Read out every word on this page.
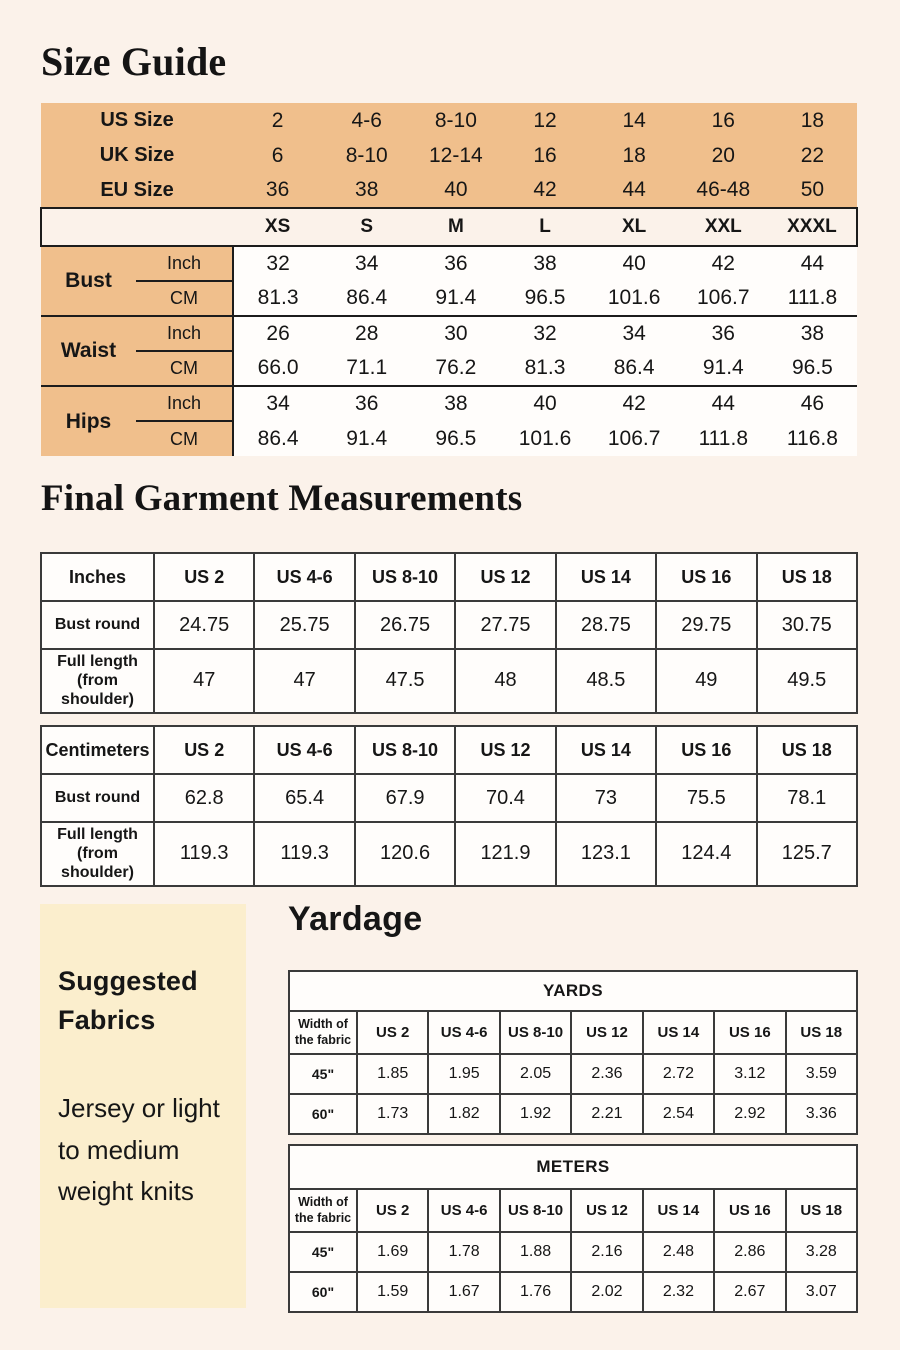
Size Guide
US Size		2	4-6	8-10	12	14	16	18
UK Size		6	8-10	12-14	16	18	20	22
EU Size		36	38	40	42	44	46-48	50
		XS	S	M	L	XL	XXL	XXXL
Bust	Inch	32	34	36	38	40	42	44
	CM	81.3	86.4	91.4	96.5	101.6	106.7	111.8
Waist	Inch	26	28	30	32	34	36	38
	CM	66.0	71.1	76.2	81.3	86.4	91.4	96.5
Hips	Inch	34	36	38	40	42	44	46
	CM	86.4	91.4	96.5	101.6	106.7	111.8	116.8
Final Garment Measurements
Inches	US 2	US 4-6	US 8-10	US 12	US 14	US 16	US 18
Bust round	24.75	25.75	26.75	27.75	28.75	29.75	30.75
Full length (from shoulder)	47	47	47.5	48	48.5	49	49.5
Centimeters	US 2	US 4-6	US 8-10	US 12	US 14	US 16	US 18
Bust round	62.8	65.4	67.9	70.4	73	75.5	78.1
Full length (from shoulder)	119.3	119.3	120.6	121.9	123.1	124.4	125.7
Suggested Fabrics
Jersey or light to medium weight knits
Yardage
YARDS							
Width of the fabric	US 2	US 4-6	US 8-10	US 12	US 14	US 16	US 18
45"	1.85	1.95	2.05	2.36	2.72	3.12	3.59
60"	1.73	1.82	1.92	2.21	2.54	2.92	3.36
METERS							
Width of the fabric	US 2	US 4-6	US 8-10	US 12	US 14	US 16	US 18
45"	1.69	1.78	1.88	2.16	2.48	2.86	3.28
60"	1.59	1.67	1.76	2.02	2.32	2.67	3.07
